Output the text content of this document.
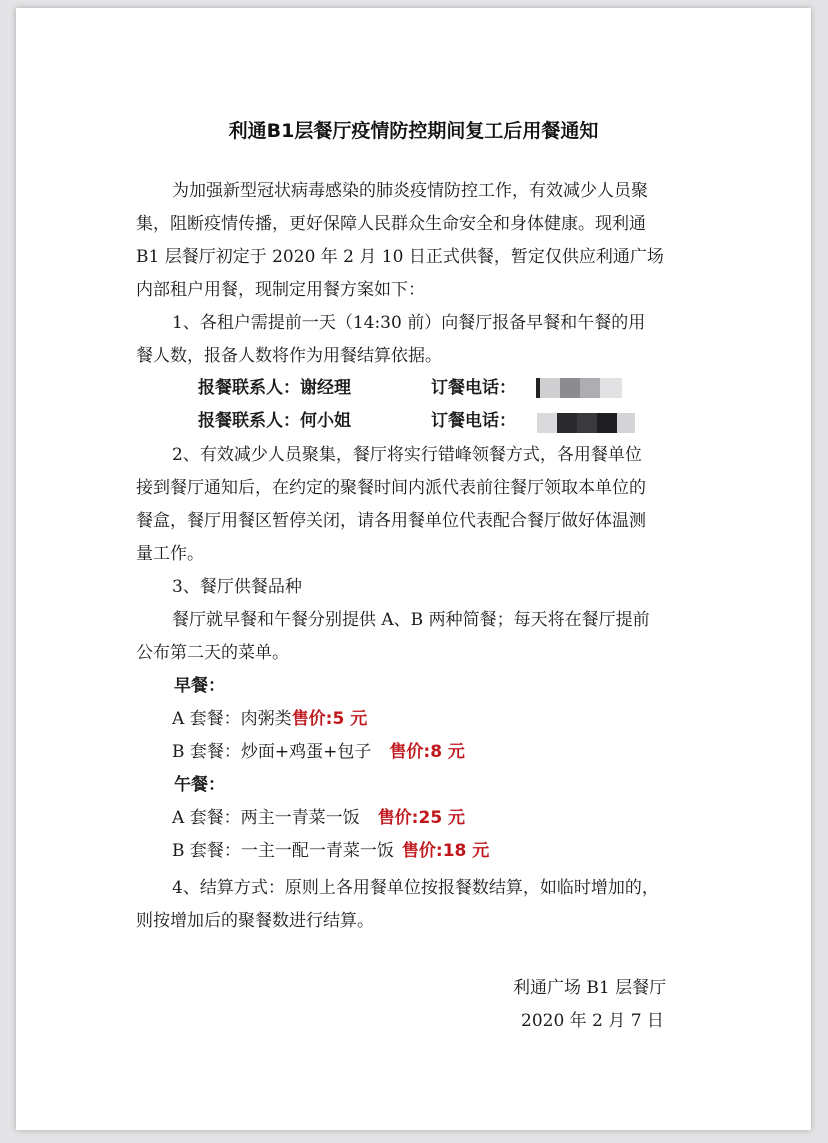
利通B1层餐厅疫情防控期间复工后用餐通知
为加强新型冠状病毒感染的肺炎疫情防控工作，有效减少人员聚
集，阻断疫情传播，更好保障人民群众生命安全和身体健康。现利通
B1 层餐厅初定于 2020 年 2 月 10 日正式供餐，暂定仅供应利通广场
内部租户用餐，现制定用餐方案如下：
1、各租户需提前一天（14:30 前）向餐厅报备早餐和午餐的用
餐人数，报备人数将作为用餐结算依据。
报餐联系人：谢经理	订餐电话：
报餐联系人：何小姐	订餐电话：
2、有效减少人员聚集，餐厅将实行错峰领餐方式，各用餐单位
接到餐厅通知后，在约定的聚餐时间内派代表前往餐厅领取本单位的
餐盒，餐厅用餐区暂停关闭，请各用餐单位代表配合餐厅做好体温测
量工作。
3、餐厅供餐品种
餐厅就早餐和午餐分别提供 A、B 两种简餐；每天将在餐厅提前
公布第二天的菜单。
早餐：
A 套餐：肉粥类售价:5 元
B 套餐：炒面+鸡蛋+包子 售价:8 元
午餐：
A 套餐：两主一青菜一饭 售价:25 元
B 套餐：一主一配一青菜一饭 售价:18 元
4、结算方式：原则上各用餐单位按报餐数结算，如临时增加的，
则按增加后的聚餐数进行结算。
利通广场 B1 层餐厅
2020 年 2 月 7 日
